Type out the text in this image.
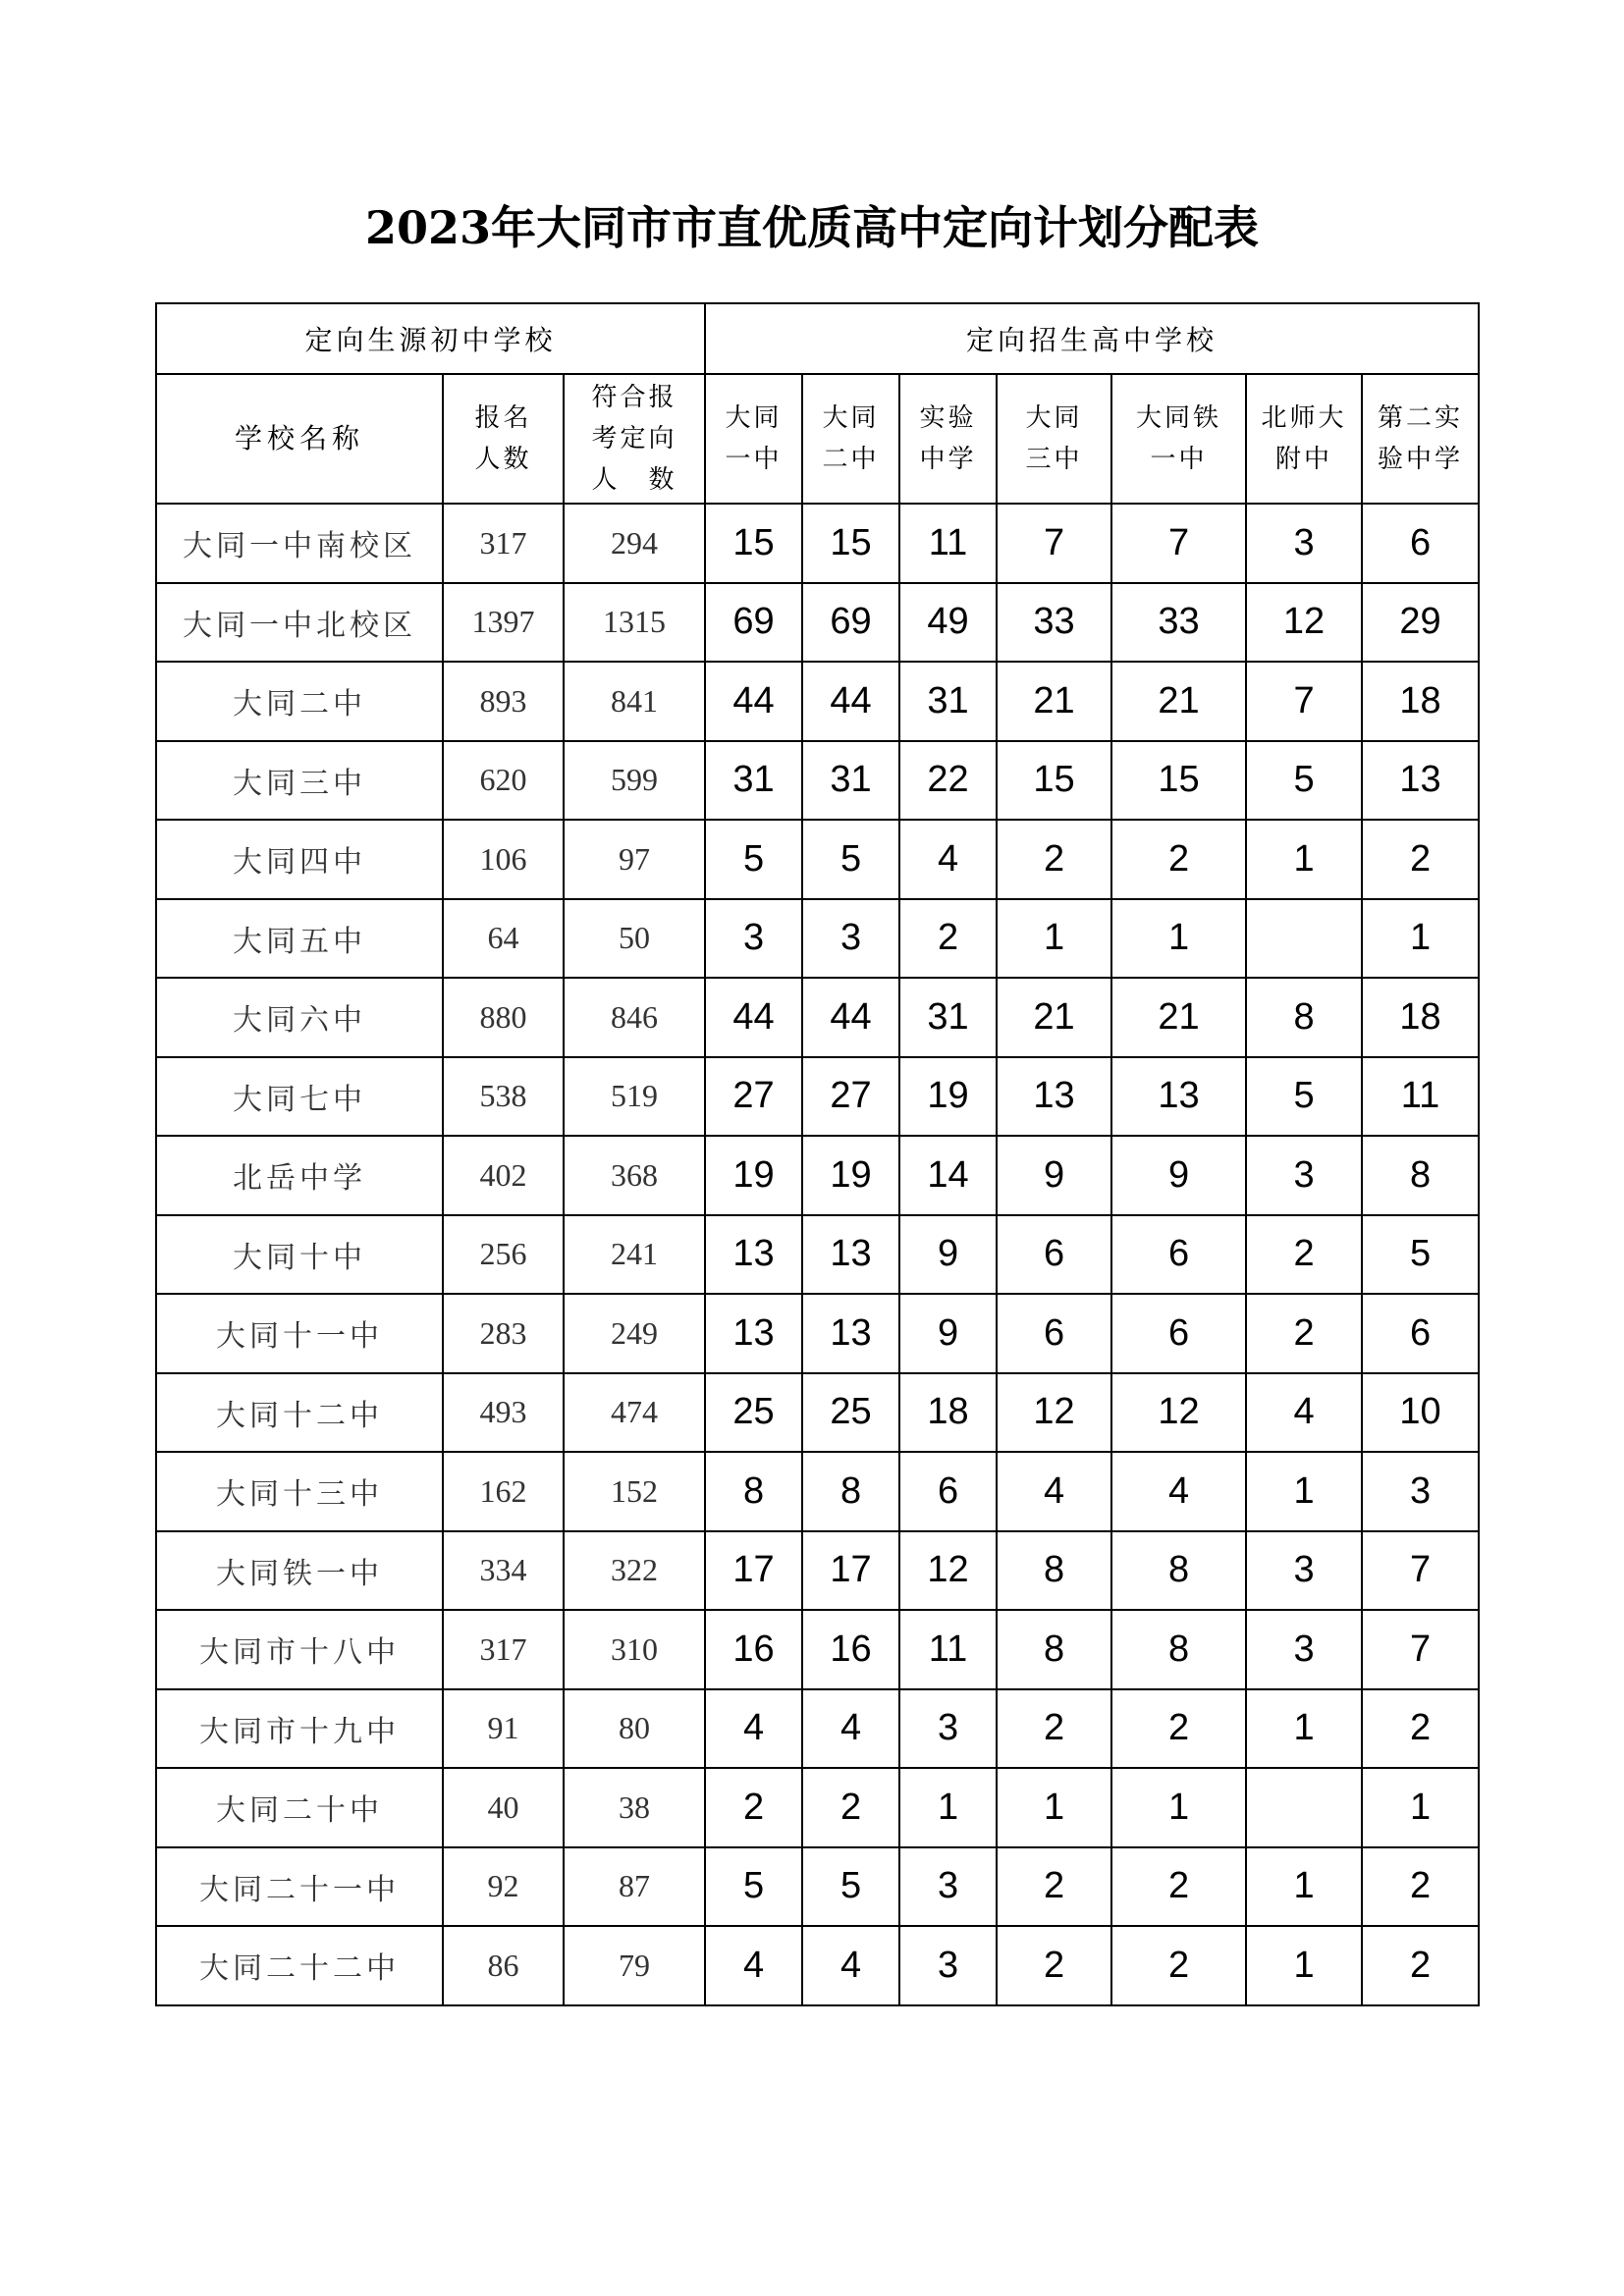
2023年大同市市直优质高中定向计划分配表
定向生源初中学校			定向招生高中学校						
学校名称	报名人数	符合报考定向人　数	大同一中	大同二中	实验中学	大同三中	大同铁一中	北师大附中	第二实验中学

大同一中南校区	317	294	15	15	11	7	7	3	6
大同一中北校区	1397	1315	69	69	49	33	33	12	29
大同二中	893	841	44	44	31	21	21	7	18
大同三中	620	599	31	31	22	15	15	5	13
大同四中	106	97	5	5	4	2	2	1	2
大同五中	64	50	3	3	2	1	1		1
大同六中	880	846	44	44	31	21	21	8	18
大同七中	538	519	27	27	19	13	13	5	11
北岳中学	402	368	19	19	14	9	9	3	8
大同十中	256	241	13	13	9	6	6	2	5
大同十一中	283	249	13	13	9	6	6	2	6
大同十二中	493	474	25	25	18	12	12	4	10
大同十三中	162	152	8	8	6	4	4	1	3
大同铁一中	334	322	17	17	12	8	8	3	7
大同市十八中	317	310	16	16	11	8	8	3	7
大同市十九中	91	80	4	4	3	2	2	1	2
大同二十中	40	38	2	2	1	1	1		1
大同二十一中	92	87	5	5	3	2	2	1	2
大同二十二中	86	79	4	4	3	2	2	1	2
